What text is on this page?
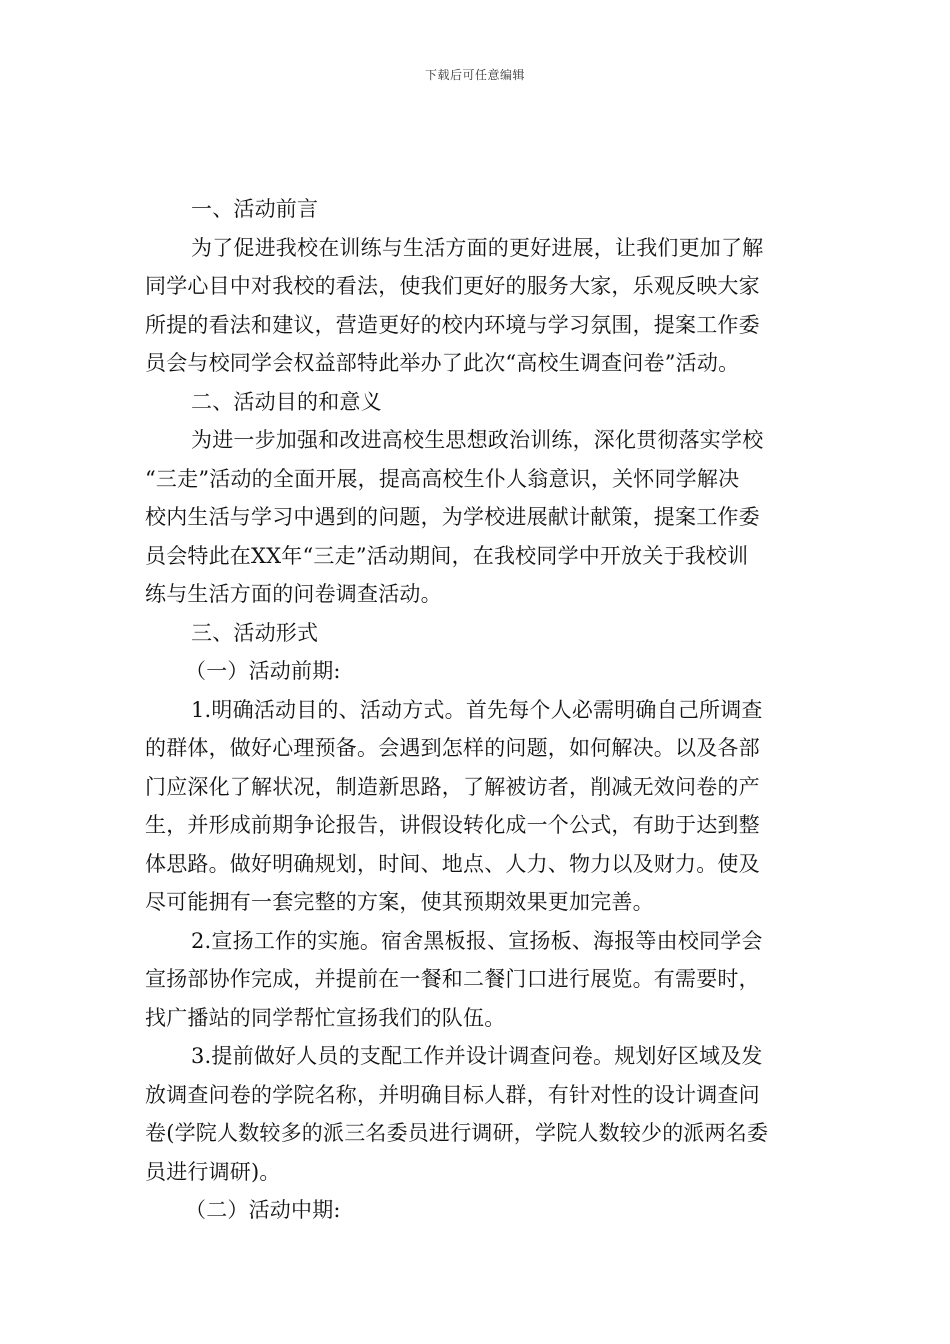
下载后可任意编辑
一、活动前言
为了促进我校在训练与生活方面的更好进展，让我们更加了解
同学心目中对我校的看法，使我们更好的服务大家，乐观反映大家
所提的看法和建议，营造更好的校内环境与学习氛围，提案工作委
员会与校同学会权益部特此举办了此次“高校生调查问卷”活动。
二、活动目的和意义
为进一步加强和改进高校生思想政治训练，深化贯彻落实学校
“三走”活动的全面开展，提高高校生仆人翁意识，关怀同学解决
校内生活与学习中遇到的问题，为学校进展献计献策，提案工作委
员会特此在XX年“三走”活动期间，在我校同学中开放关于我校训
练与生活方面的问卷调查活动。
三、活动形式
（一）活动前期:
1.明确活动目的、活动方式。首先每个人必需明确自己所调查
的群体，做好心理预备。会遇到怎样的问题，如何解决。以及各部
门应深化了解状况，制造新思路，了解被访者，削减无效问卷的产
生，并形成前期争论报告，讲假设转化成一个公式，有助于达到整
体思路。做好明确规划，时间、地点、人力、物力以及财力。使及
尽可能拥有一套完整的方案，使其预期效果更加完善。
2.宣扬工作的实施。宿舍黑板报、宣扬板、海报等由校同学会
宣扬部协作完成，并提前在一餐和二餐门口进行展览。有需要时，
找广播站的同学帮忙宣扬我们的队伍。
3.提前做好人员的支配工作并设计调查问卷。规划好区域及发
放调查问卷的学院名称，并明确目标人群，有针对性的设计调查问
卷(学院人数较多的派三名委员进行调研，学院人数较少的派两名委
员进行调研)。
（二）活动中期:
